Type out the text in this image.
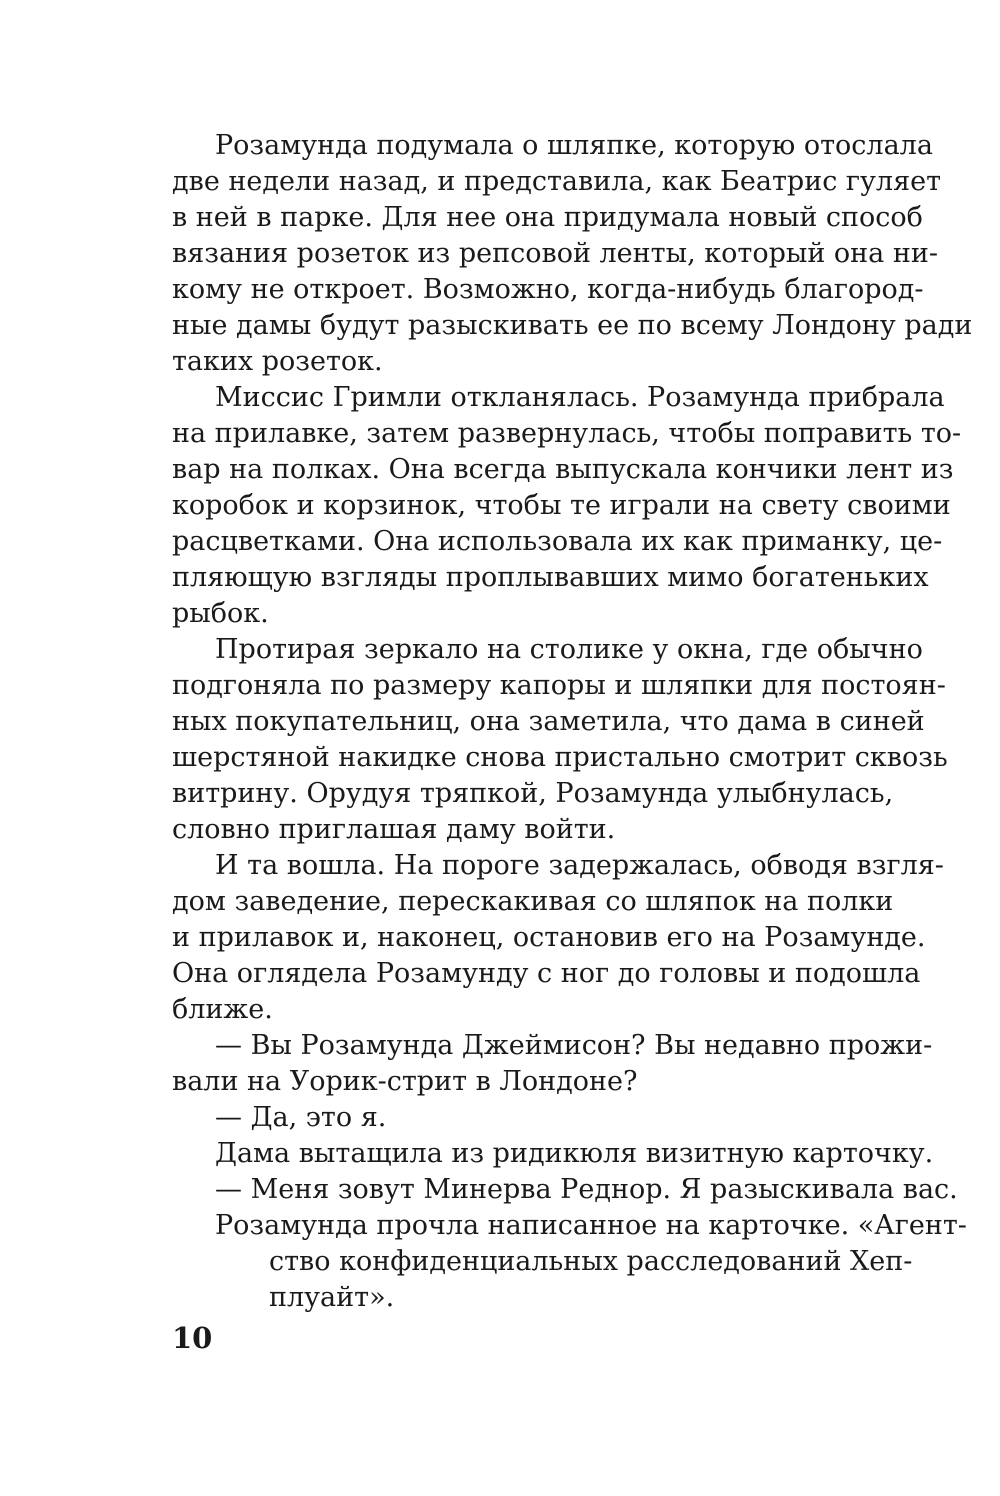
Розамунда подумала о шляпке, которую отослала
две недели назад, и представила, как Беатрис гуляет
в ней в парке. Для нее она придумала новый способ
вязания розеток из репсовой ленты, который она ни-
кому не откроет. Возможно, когда-нибудь благород-
ные дамы будут разыскивать ее по всему Лондону ради
таких розеток.
Миссис Гримли откланялась. Розамунда прибрала
на прилавке, затем развернулась, чтобы поправить то-
вар на полках. Она всегда выпускала кончики лент из
коробок и корзинок, чтобы те играли на свету своими
расцветками. Она использовала их как приманку, це-
пляющую взгляды проплывавших мимо богатеньких
рыбок.
Протирая зеркало на столике у окна, где обычно
подгоняла по размеру капоры и шляпки для постоян-
ных покупательниц, она заметила, что дама в синей
шерстяной накидке снова пристально смотрит сквозь
витрину. Орудуя тряпкой, Розамунда улыбнулась,
словно приглашая даму войти.
И та вошла. На пороге задержалась, обводя взгля-
дом заведение, перескакивая со шляпок на полки
и прилавок и, наконец, остановив его на Розамунде.
Она оглядела Розамунду с ног до головы и подошла
ближе.
— Вы Розамунда Джеймисон? Вы недавно прожи-
вали на Уорик-стрит в Лондоне?
— Да, это я.
Дама вытащила из ридикюля визитную карточку.
— Меня зовут Минерва Реднор. Я разыскивала вас.
Розамунда прочла написанное на карточке. «Агент-
ство конфиденциальных расследований Хеп-
плуайт».
10
